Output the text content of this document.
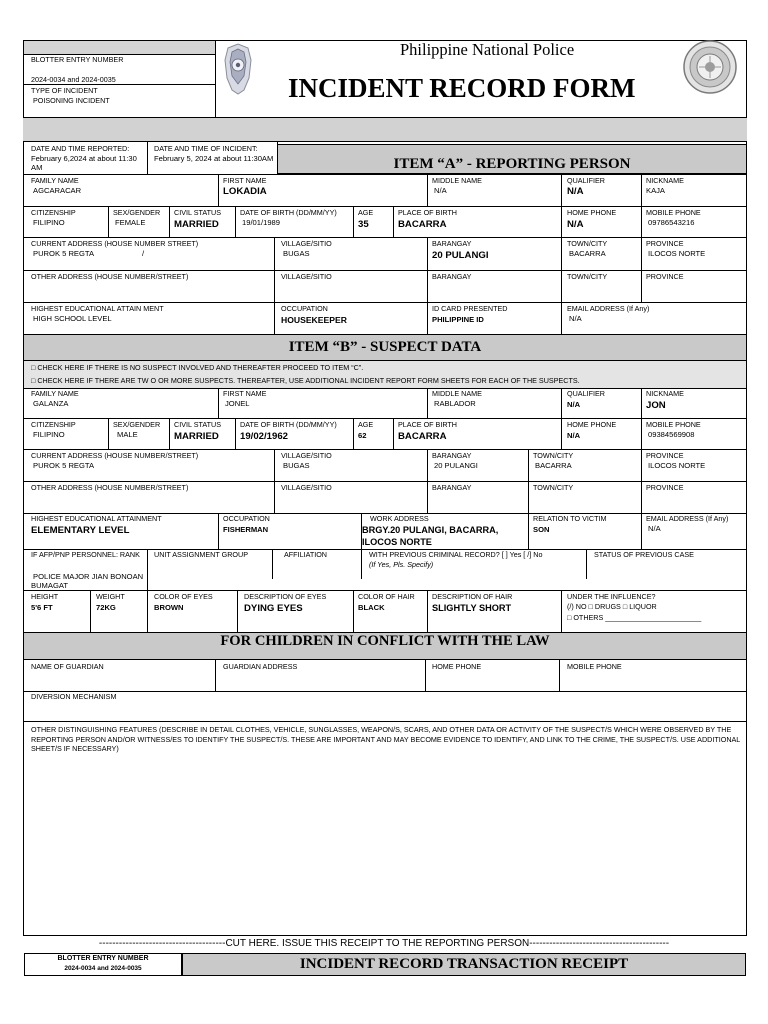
BLOTTER ENTRY NUMBER
2024-0034 and 2024-0035
TYPE OF INCIDENT
POISONING INCIDENT
Philippine National Police
INCIDENT RECORD FORM
DATE AND TIME REPORTED:
February 6,2024 at about 11:30 AM
DATE AND TIME OF INCIDENT:
February 5, 2024 at about 11:30AM	ITEM “A” - REPORTING PERSON
FAMILY NAME
AGCARACAR
FIRST NAME
LOKADIA
MIDDLE NAME
N/A
QUALIFIER
N/A
NICKNAME
KAJA
CITIZENSHIP
FILIPINO
SEX/GENDER
FEMALE
CIVIL STATUS
MARRIED
DATE OF BIRTH (DD/MM/YY)
19/01/1989
AGE
35
PLACE OF BIRTH
BACARRA
HOME PHONE
N/A
MOBILE PHONE
09786543216
CURRENT ADDRESS (HOUSE NUMBER STREET)
PUROK 5 REGTA	/
VILLAGE/SITIO
BUGAS
BARANGAY
20 PULANGI
TOWN/CITY
BACARRA
PROVINCE
ILOCOS NORTE
OTHER ADDRESS (HOUSE NUMBER/STREET)	VILLAGE/SITIO	BARANGAY	TOWN/CITY	PROVINCE
HIGHEST EDUCATIONAL ATTAIN MENT
HIGH SCHOOL LEVEL
OCCUPATION
HOUSEKEEPER
ID CARD PRESENTED
PHILIPPINE ID
EMAIL ADDRESS (If Any)
N/A
ITEM “B” - SUSPECT DATA
□ CHECK HERE IF THERE IS NO SUSPECT INVOLVED AND THEREAFTER PROCEED TO ITEM “C”.
□ CHECK HERE IF THERE ARE TW O OR MORE SUSPECTS. THEREAFTER, USE ADDITIONAL INCIDENT REPORT FORM SHEETS FOR EACH OF THE SUSPECTS.
FAMILY NAME
GALANZA
FIRST NAME
JONEL
MIDDLE NAME
RABLADOR
QUALIFIER
N/A
NICKNAME
JON
CITIZENSHIP
FILIPINO
SEX/GENDER
MALE
CIVIL STATUS
MARRIED
DATE OF BIRTH (DD/MM/YY)
19/02/1962
AGE
62
PLACE OF BIRTH
BACARRA
HOME PHONE
N/A
MOBILE PHONE
09384569908
CURRENT ADDRESS (HOUSE NUMBER/STREET)
PUROK 5 REGTA
VILLAGE/SITIO
BUGAS
BARANGAY
20 PULANGI
TOWN/CITY
BACARRA
PROVINCE
ILOCOS NORTE
OTHER ADDRESS (HOUSE NUMBER/STREET)	VILLAGE/SITIO	BARANGAY	TOWN/CITY	PROVINCE
HIGHEST EDUCATIONAL ATTAINMENT
ELEMENTARY LEVEL
OCCUPATION
FISHERMAN
WORK ADDRESS
BRGY.20 PULANGI, BACARRA,
ILOCOS NORTE
RELATION TO VICTIM
SON
EMAIL ADDRESS (If Any)
N/A
IF AFP/PNP PERSONNEL: RANK
POLICE MAJOR JIAN BONOAN
BUMAGAT
UNIT ASSIGNMENT GROUP	AFFILIATION	WITH PREVIOUS CRIMINAL RECORD? [ ] Yes [ /] No
(If Yes, Pls. Specify)
STATUS OF PREVIOUS CASE
HEIGHT
5'6 FT
WEIGHT
72KG
COLOR OF EYES
BROWN
DESCRIPTION OF EYES
DYING EYES
COLOR OF HAIR
BLACK
DESCRIPTION OF HAIR
SLIGHTLY SHORT
UNDER THE INFLUENCE?
(/) NO □ DRUGS □ LIQUOR
□ OTHERS ________________________
FOR CHILDREN IN CONFLICT WITH THE LAW
NAME OF GUARDIAN	GUARDIAN ADDRESS	HOME PHONE	MOBILE PHONE
DIVERSION MECHANISM
OTHER DISTINGUISHING FEATURES (DESCRIBE IN DETAIL CLOTHES, VEHICLE, SUNGLASSES, WEAPON/S, SCARS, AND OTHER DATA OR ACTIVITY OF THE SUSPECT/S WHICH WERE OBSERVED BY THE REPORTING PERSON AND/OR WITNESS/ES TO IDENTIFY THE SUSPECT/S. THESE ARE IMPORTANT AND MAY BECOME EVIDENCE TO IDENTIFY, AND LINK TO THE CRIME, THE SUSPECT/S. USE ADDITIONAL SHEET/S IF NECESSARY)
--------------------------------------CUT HERE. ISSUE THIS RECEIPT TO THE REPORTING PERSON------------------------------------------
BLOTTER ENTRY NUMBER
2024-0034 and 2024-0035	INCIDENT RECORD TRANSACTION RECEIPT
